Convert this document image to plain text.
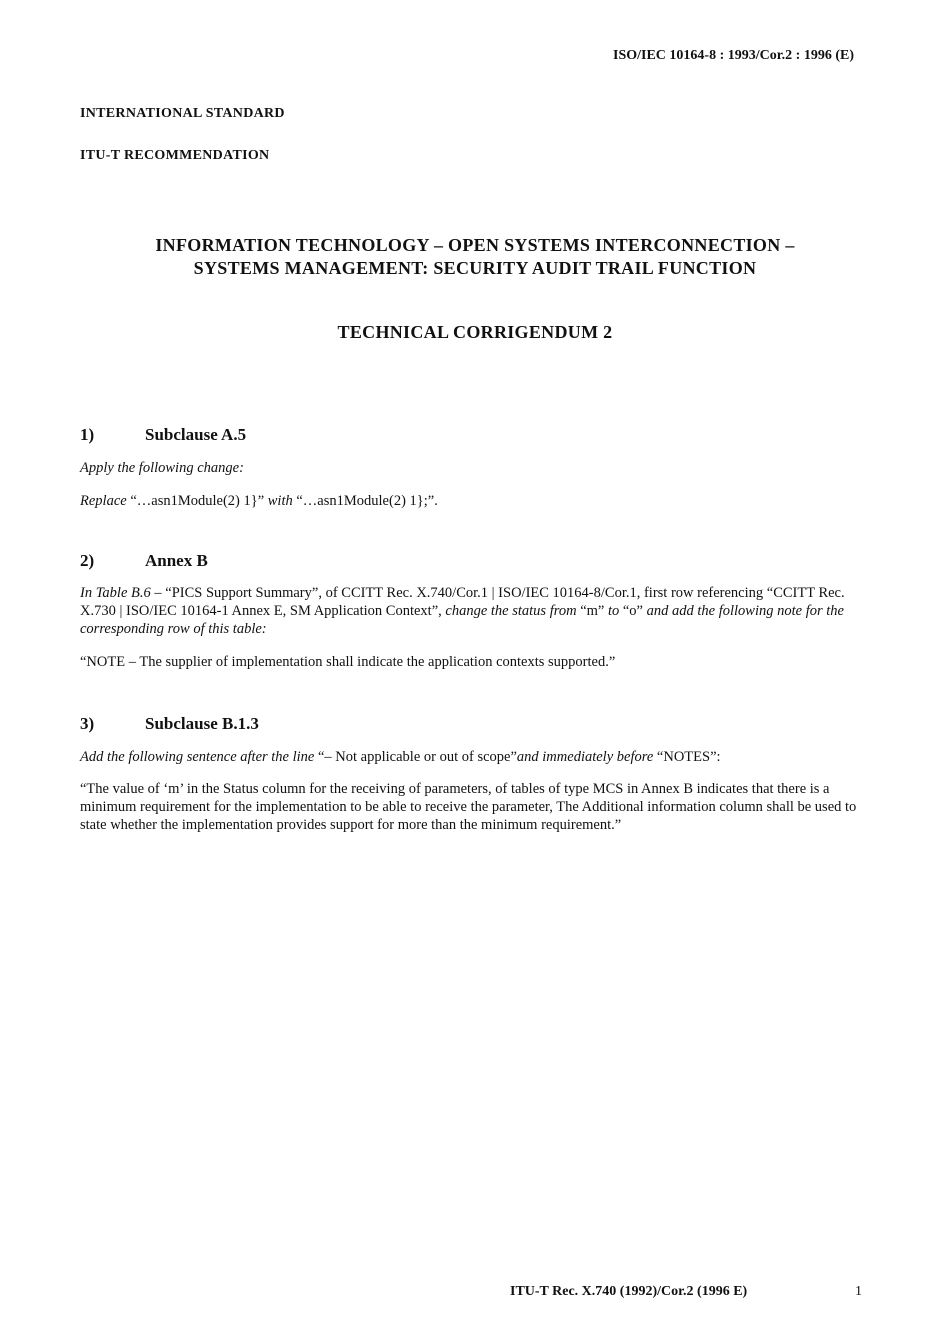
ISO/IEC 10164-8 : 1993/Cor.2 : 1996 (E)
INTERNATIONAL STANDARD
ITU-T RECOMMENDATION
INFORMATION TECHNOLOGY – OPEN SYSTEMS INTERCONNECTION –
SYSTEMS MANAGEMENT: SECURITY AUDIT TRAIL FUNCTION
TECHNICAL CORRIGENDUM 2
1)	Subclause A.5
Apply the following change:
Replace “…asn1Module(2) 1}” with “…asn1Module(2) 1};”.
2)	Annex B
In Table B.6 – “PICS Support Summary”, of CCITT Rec. X.740/Cor.1 | ISO/IEC 10164-8/Cor.1, first row referencing “CCITT Rec. X.730 | ISO/IEC 10164-1 Annex E, SM Application Context”, change the status from “m” to “o” and add the following note for the corresponding row of this table:
“NOTE – The supplier of implementation shall indicate the application contexts supported.”
3)	Subclause B.1.3
Add the following sentence after the line “– Not applicable or out of scope”and immediately before “NOTES”:
“The value of ‘m’ in the Status column for the receiving of parameters, of tables of type MCS in Annex B indicates that there is a minimum requirement for the implementation to be able to receive the parameter, The Additional information column shall be used to state whether the implementation provides support for more than the minimum requirement.”
ITU-T Rec. X.740 (1992)/Cor.2 (1996 E)	1
